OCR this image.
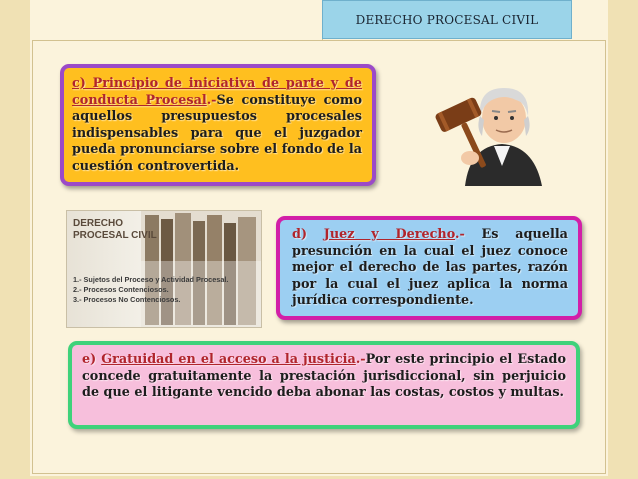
DERECHO PROCESAL CIVIL
c) Principio de iniciativa de parte y de conducta Procesal.-Se constituye como aquellos presupuestos procesales indispensables para que el juzgador pueda pronunciarse sobre el fondo de la cuestión controvertida.
DERECHO
PROCESAL CIVIL
1.- Sujetos del Proceso y Actividad Procesal.
2.- Procesos Contenciosos.
3.- Procesos No Contenciosos.
d) Juez y Derecho.- Es aquella presunción en la cual el juez conoce mejor el derecho de las partes, razón por la cual el juez aplica la norma jurídica correspondiente.
e) Gratuidad en el acceso a la justicia.-Por este principio el Estado concede gratuitamente la prestación jurisdiccional, sin perjuicio de que el litigante vencido deba abonar las costas, costos y multas.
